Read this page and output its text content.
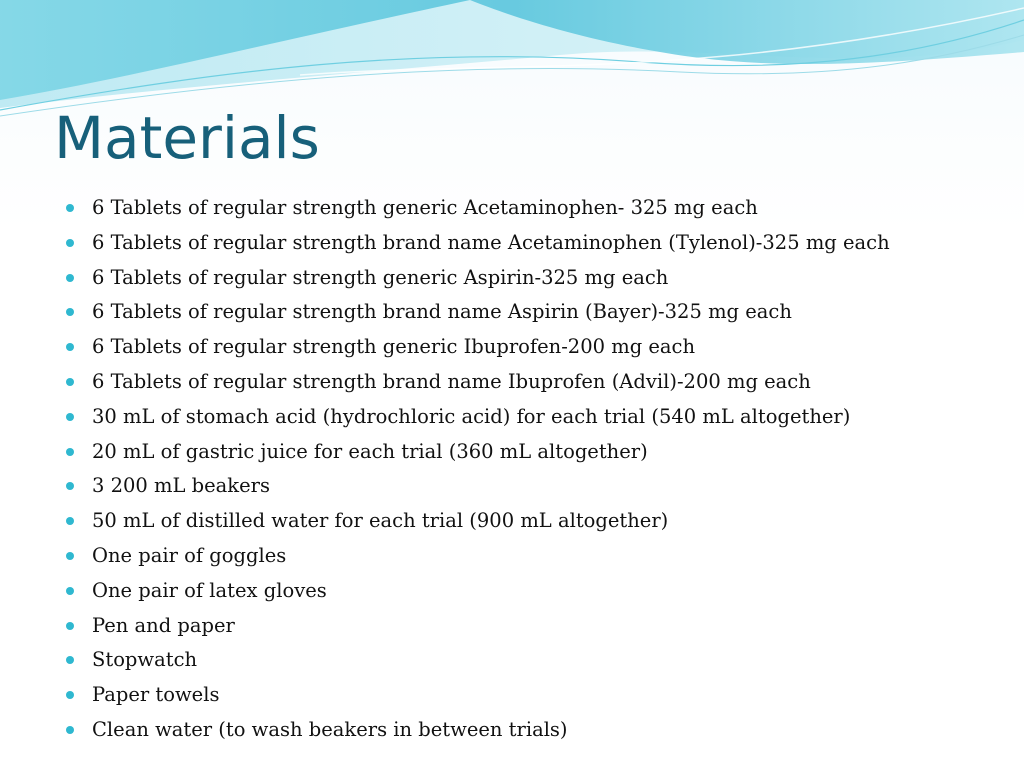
Materials
6 Tablets of regular strength generic Acetaminophen- 325 mg each
6 Tablets of regular strength brand name Acetaminophen (Tylenol)-325 mg each
6 Tablets of regular strength generic Aspirin-325 mg each
6 Tablets of regular strength brand name Aspirin (Bayer)-325 mg each
6 Tablets of regular strength generic Ibuprofen-200 mg each
6 Tablets of regular strength brand name Ibuprofen (Advil)-200 mg each
30 mL of stomach acid (hydrochloric acid) for each trial (540 mL altogether)
20 mL of gastric juice for each trial (360 mL altogether)
3 200 mL beakers
50 mL of distilled water for each trial (900 mL altogether)
One pair of goggles
One pair of latex gloves
Pen and paper
Stopwatch
Paper towels
Clean water (to wash beakers in between trials)
